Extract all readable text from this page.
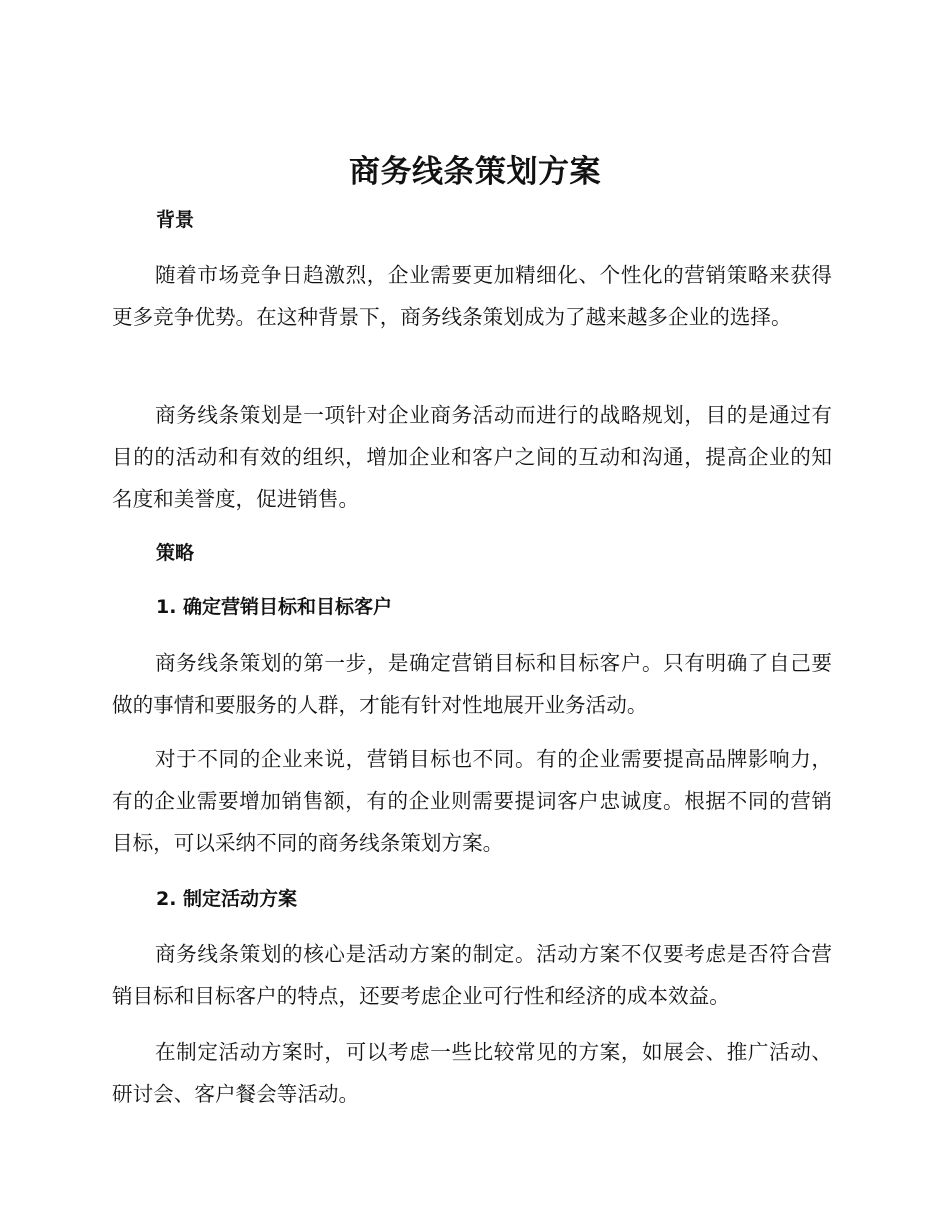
商务线条策划方案
背景

随着市场竞争日趋激烈，企业需要更加精细化、个性化的营销策略来获得更多竞争优势。在这种背景下，商务线条策划成为了越来越多企业的选择。

商务线条策划是一项针对企业商务活动而进行的战略规划，目的是通过有目的的活动和有效的组织，增加企业和客户之间的互动和沟通，提高企业的知名度和美誉度，促进销售。

策略
1. 确定营销目标和目标客户

商务线条策划的第一步，是确定营销目标和目标客户。只有明确了自己要做的事情和要服务的人群，才能有针对性地展开业务活动。

对于不同的企业来说，营销目标也不同。有的企业需要提高品牌影响力，有的企业需要增加销售额，有的企业则需要提词客户忠诚度。根据不同的营销目标，可以采纳不同的商务线条策划方案。

2. 制定活动方案

商务线条策划的核心是活动方案的制定。活动方案不仅要考虑是否符合营销目标和目标客户的特点，还要考虑企业可行性和经济的成本效益。

在制定活动方案时，可以考虑一些比较常见的方案，如展会、推广活动、研讨会、客户餐会等活动。
